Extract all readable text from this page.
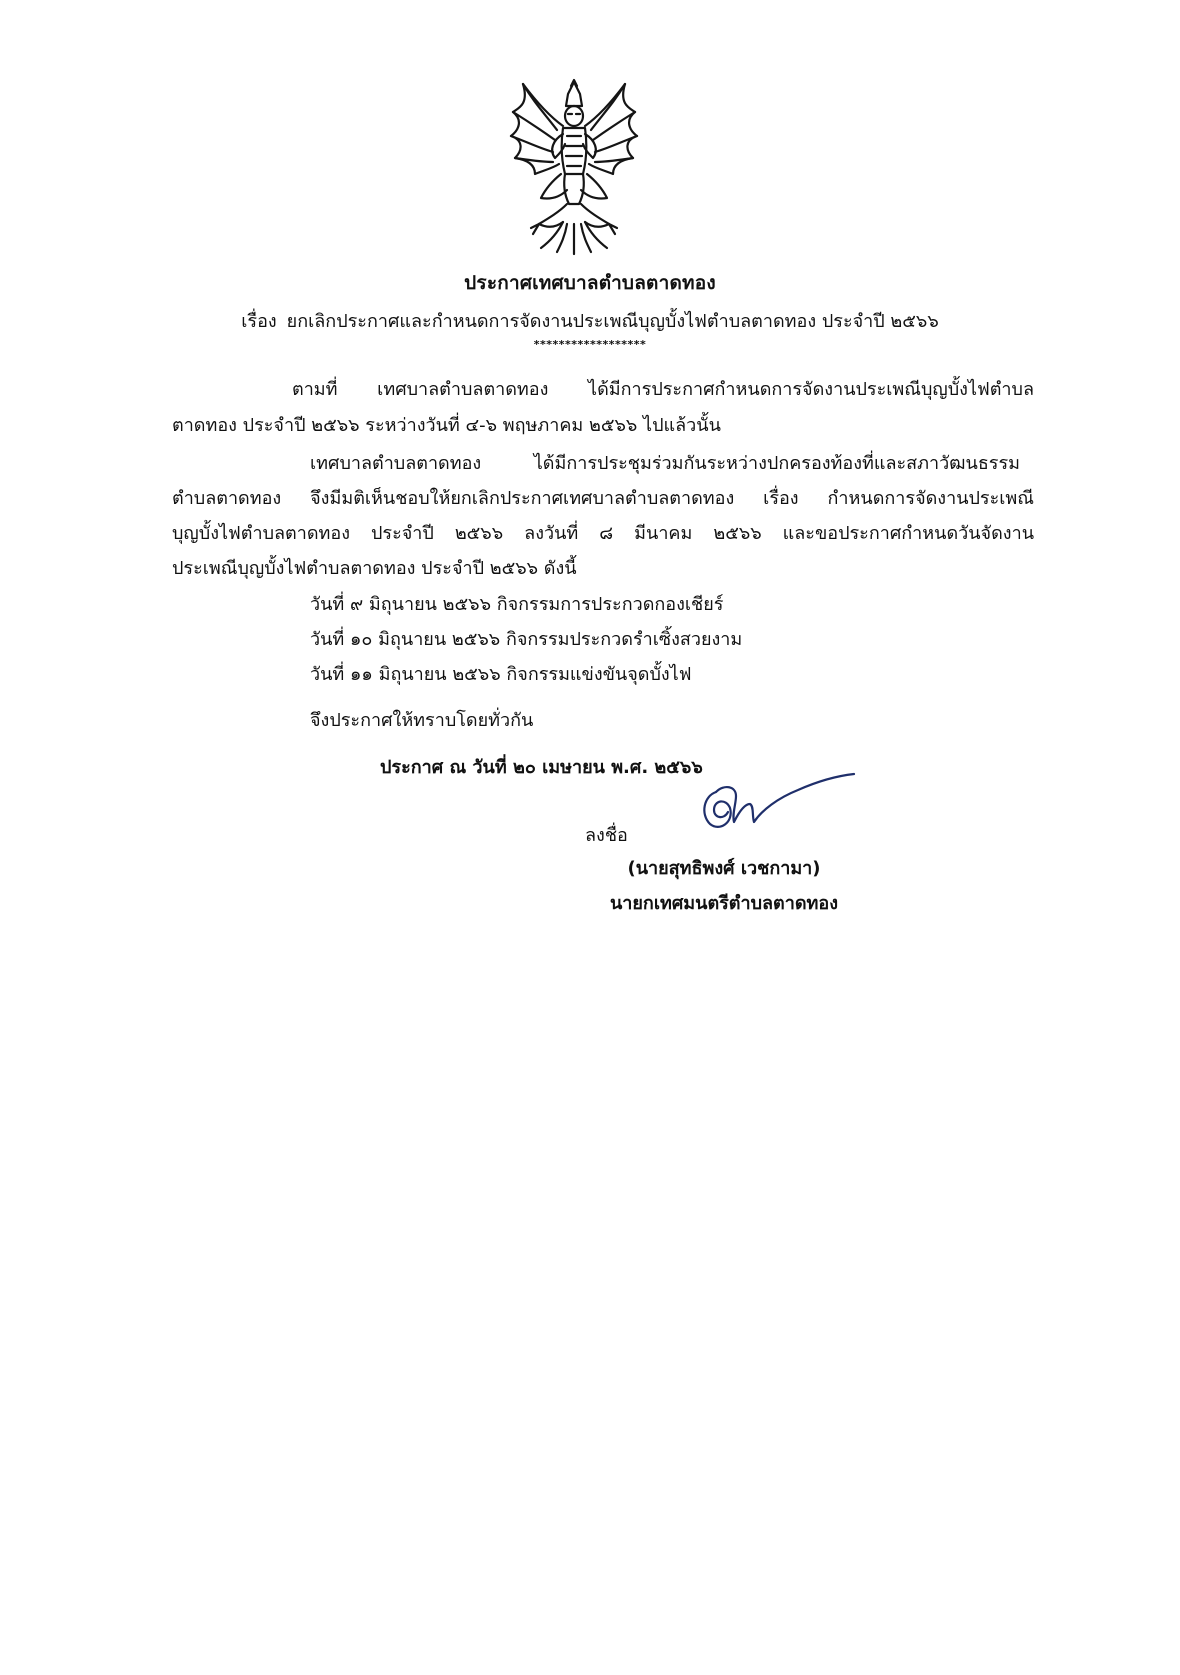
ประกาศเทศบาลตำบลตาดทอง
เรื่อง ยกเลิกประกาศและกำหนดการจัดงานประเพณีบุญบั้งไฟตำบลตาดทอง ประจำปี ๒๕๖๖
******************
ตามที่ เทศบาลตำบลตาดทอง ได้มีการประกาศกำหนดการจัดงานประเพณีบุญบั้งไฟตำบล
ตาดทอง ประจำปี ๒๕๖๖ ระหว่างวันที่ ๔-๖ พฤษภาคม ๒๕๖๖ ไปแล้วนั้น
เทศบาลตำบลตาดทอง ได้มีการประชุมร่วมกันระหว่างปกครองท้องที่และสภาวัฒนธรรม
ตำบลตาดทอง จึงมีมติเห็นชอบให้ยกเลิกประกาศเทศบาลตำบลตาดทอง เรื่อง กำหนดการจัดงานประเพณี
บุญบั้งไฟตำบลตาดทอง ประจำปี ๒๕๖๖ ลงวันที่ ๘ มีนาคม ๒๕๖๖ และขอประกาศกำหนดวันจัดงาน
ประเพณีบุญบั้งไฟตำบลตาดทอง ประจำปี ๒๕๖๖ ดังนี้
วันที่ ๙ มิถุนายน ๒๕๖๖ กิจกรรมการประกวดกองเชียร์
วันที่ ๑๐ มิถุนายน ๒๕๖๖ กิจกรรมประกวดรำเซิ้งสวยงาม
วันที่ ๑๑ มิถุนายน ๒๕๖๖ กิจกรรมแข่งขันจุดบั้งไฟ
จึงประกาศให้ทราบโดยทั่วกัน
ประกาศ ณ วันที่ ๒๐ เมษายน พ.ศ. ๒๕๖๖
ลงชื่อ
(นายสุทธิพงศ์ เวชกามา)
นายกเทศมนตรีตำบลตาดทอง
